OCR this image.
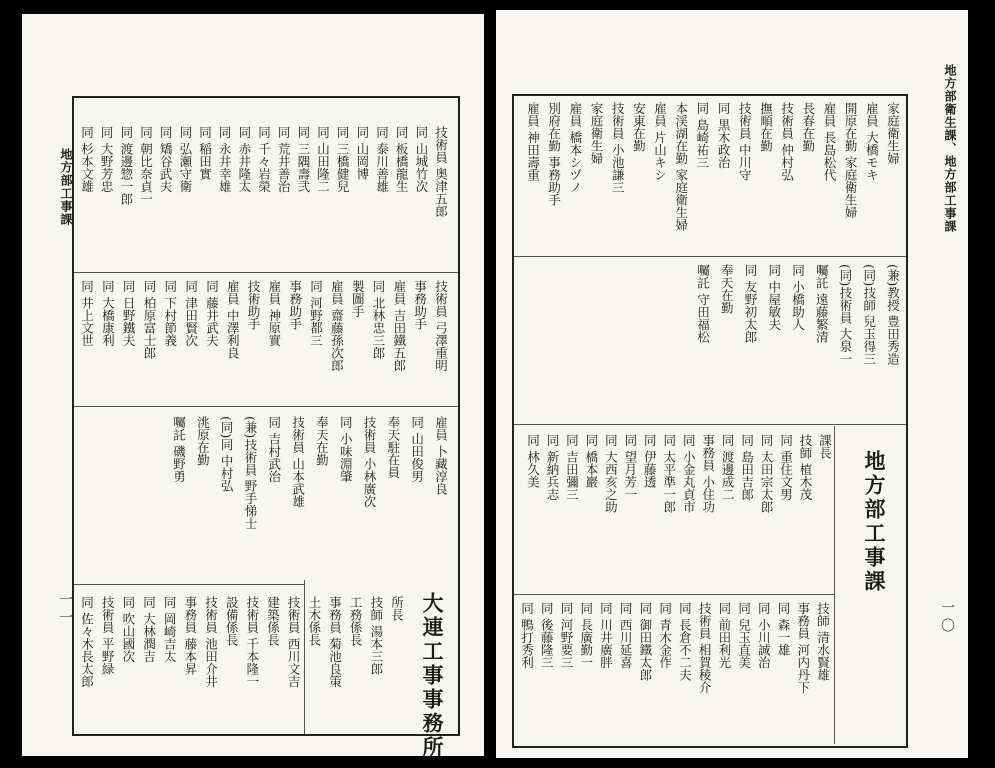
地方部工事課
一一	大連工事事務所
技術員 奥津五郎
同 山城竹次
同 板橋龍生
同 泰川善雄
同 山岡博
同 三橋健兒
同 山田隆二
同 三隅壽弐
同 荒井善治
同 千々岩榮
同 赤井隆太
同 永井幸雄
同 稲田實
同 弘瀬守衛
同 矯谷武夫
同 朝比奈貞一
同 渡邊惣一郎
同 大野芳忠
同 杉本文雄
技術員 弓澤重明
事務助手
雇員 吉田鐵五郎
同 北林忠三郎
製圖手
雇員 齋藤孫次郎
同 河野都三
事務助手
雇員 神原實
技術助手
雇員 中澤利良
同 藤井武夫
同 津田賢次
同 下村節義
同 柏原富士郎
同 日野鐵夫
同 大橋康利
同 井上文世
雇員 卜藏淳良
同 山田俊男
奉天駐在員
技術員 小林廣次
同 小味淵肇
奉天在勤
技術員 山本武雄
同 吉村武治
(兼)技術員 野手悌士
(同)同 中村弘
洮原在勤
囑託 磯野勇
所長
技師 湯本三郎
工務係長
事務員 菊池良策
土木係長
技術員 西川文吉
建築係長
技術員 千本隆一
設備係長
技術員 池田介井
事務員 藤本昇
同 岡崎吉太
同 大林潤吉
同 吹山國次
技術員 平野緑
同 佐々木長太郎
地方部衛生課、地方部工事課
一〇
地方部工事課
家庭衛生婦
雇員 大橋モキ
開原在勤 家庭衛生婦
雇員 長島松代
長春在勤
技術員 仲村弘
撫順在勤
技術員 中川守
同 黒木政治
同 島崎祐三
本渓湖在勤 家庭衛生婦
雇員 片山キシ
安東在勤
技術員 小池謙三
家庭衛生婦
雇員 橋本シヅノ
別府在勤 事務助手
雇員 神田壽重
(兼)教授 豊田秀造
(同)技師 兒玉得三
(同)技術員 大泉一
囑託 遠藤繁清
同 小橋助人
同 中屋敏夫
同 友野初太郎
奉天在勤
囑託 守田福松
課長
技師 植木茂
同 重住文男
同 太田宗太郎
同 島田吉郎
同 渡邊成二
事務員 小住功
同 小金丸貞市
同 太平準一郎
同 伊藤透
同 望月芳一
同 大西亥之助
同 橋本巖
同 吉田彌三
同 新納兵志
同 林久美
技師 清水賢雄
事務員 河内丹下
同 森一雄
同 小川誠治
同 兒玉直美
同 前田利光
技術員 相賀稜介
同 長倉不二夫
同 青木金作
同 御田鐵太郎
同 西川延喜
同 川井廣胖
同 長廣勤一
同 河野要三
同 後藤隆三
同 鴨打秀利
